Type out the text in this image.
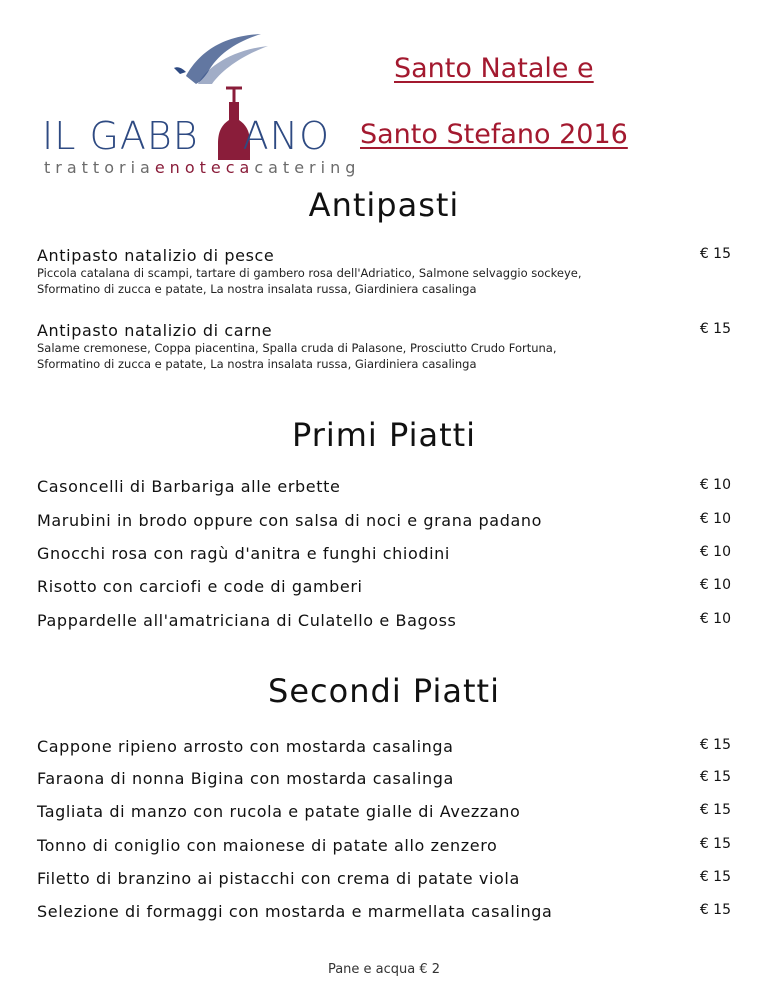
IL GABB ANO
trattoriaenotecacatering
Santo Natale e
Santo Stefano 2016
Antipasti
Antipasto natalizio di pesce	€ 15
Piccola catalana di scampi, tartare di gambero rosa dell'Adriatico, Salmone selvaggio sockeye,
Sformatino di zucca e patate, La nostra insalata russa, Giardiniera casalinga
Antipasto natalizio di carne	€ 15
Salame cremonese, Coppa piacentina, Spalla cruda di Palasone, Prosciutto Crudo Fortuna,
Sformatino di zucca e patate, La nostra insalata russa, Giardiniera casalinga
Primi Piatti
Casoncelli di Barbariga alle erbette	€ 10
Marubini in brodo oppure con salsa di noci e grana padano	€ 10
Gnocchi rosa con ragù d'anitra e funghi chiodini	€ 10
Risotto con carciofi e code di gamberi	€ 10
Pappardelle all'amatriciana di Culatello e Bagoss	€ 10
Secondi Piatti
Cappone ripieno arrosto con mostarda casalinga	€ 15
Faraona di nonna Bigina con mostarda casalinga	€ 15
Tagliata di manzo con rucola e patate gialle di Avezzano	€ 15
Tonno di coniglio con maionese di patate allo zenzero	€ 15
Filetto di branzino ai pistacchi con crema di patate viola	€ 15
Selezione di formaggi con mostarda e marmellata casalinga	€ 15
Pane e acqua € 2
